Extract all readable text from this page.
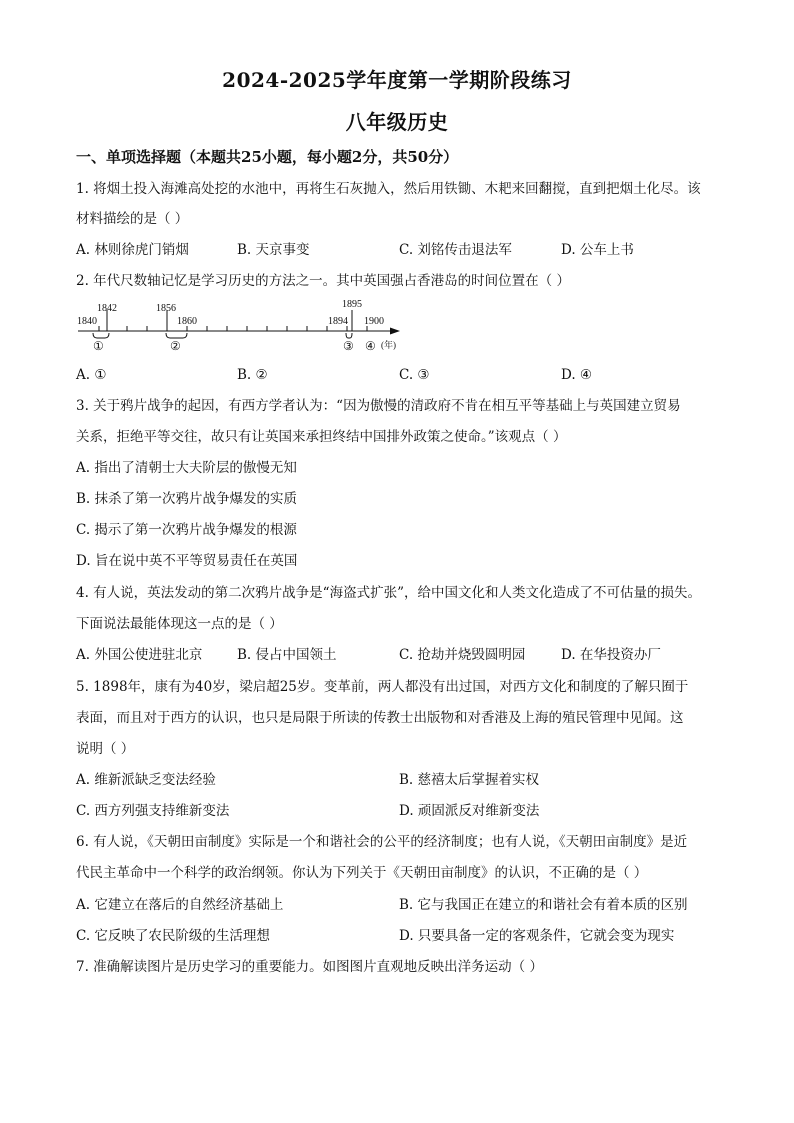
2024-2025学年度第一学期阶段练习
八年级历史
一、单项选择题（本题共25小题，每小题2分，共50分）
1. 将烟土投入海滩高处挖的水池中，再将生石灰抛入，然后用铁锄、木耙来回翻搅，直到把烟土化尽。该
材料描绘的是（ ）
A. 林则徐虎门销烟	B. 天京事变	C. 刘铭传击退法军	D. 公车上书
2. 年代尺数轴记忆是学习历史的方法之一。其中英国强占香港岛的时间位置在（ ）
1842	1856	1895
1840	1860	1894 1900
①	②	③ ④ (年)
A. ①	B. ②	C. ③	D. ④
3. 关于鸦片战争的起因，有西方学者认为：“因为傲慢的清政府不肯在相互平等基础上与英国建立贸易
关系，拒绝平等交往，故只有让英国来承担终结中国排外政策之使命。”该观点（ ）
A. 指出了清朝士大夫阶层的傲慢无知
B. 抹杀了第一次鸦片战争爆发的实质
C. 揭示了第一次鸦片战争爆发的根源
D. 旨在说中英不平等贸易责任在英国
4. 有人说，英法发动的第二次鸦片战争是“海盗式扩张”，给中国文化和人类文化造成了不可估量的损失。
下面说法最能体现这一点的是（ ）
A. 外国公使进驻北京	B. 侵占中国领土	C. 抢劫并烧毁圆明园	D. 在华投资办厂
5. 1898年，康有为40岁，梁启超25岁。变革前，两人都没有出过国，对西方文化和制度的了解只囿于
表面，而且对于西方的认识，也只是局限于所读的传教士出版物和对香港及上海的殖民管理中见闻。这
说明（ ）
A. 维新派缺乏变法经验	B. 慈禧太后掌握着实权
C. 西方列强支持维新变法	D. 顽固派反对维新变法
6. 有人说，《天朝田亩制度》实际是一个和谐社会的公平的经济制度；也有人说，《天朝田亩制度》是近
代民主革命中一个科学的政治纲领。你认为下列关于《天朝田亩制度》的认识，不正确的是（ ）
A. 它建立在落后的自然经济基础上	B. 它与我国正在建立的和谐社会有着本质的区别
C. 它反映了农民阶级的生活理想	D. 只要具备一定的客观条件，它就会变为现实
7. 准确解读图片是历史学习的重要能力。如图图片直观地反映出洋务运动（ ）
